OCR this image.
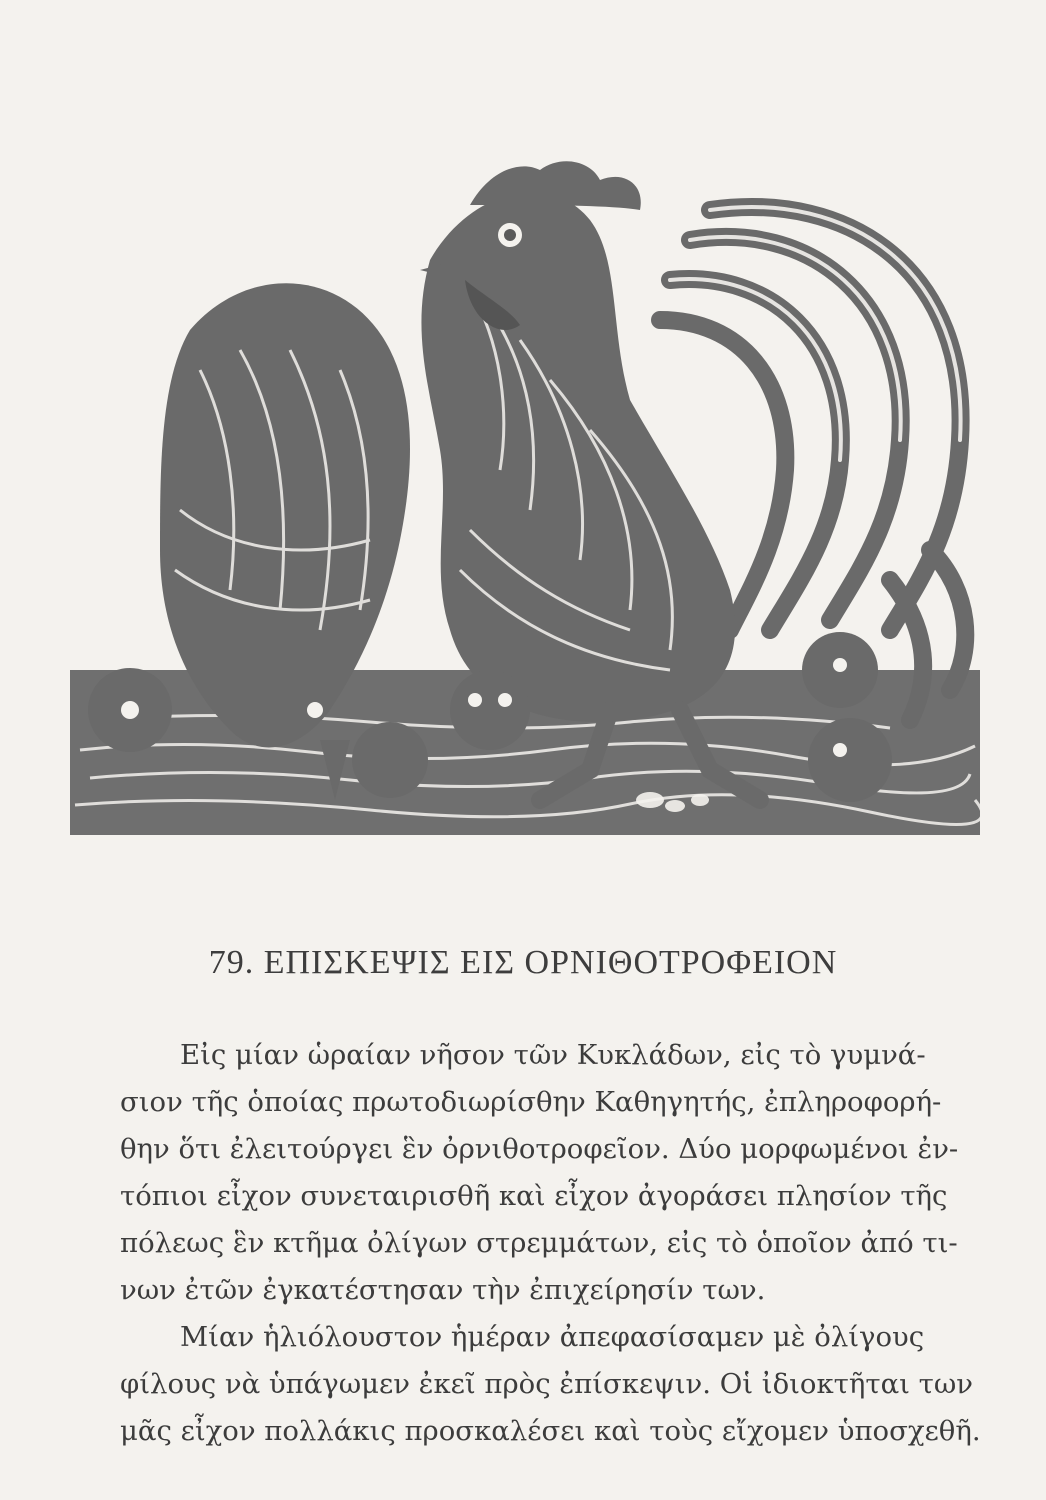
79. ΕΠΙΣΚΕΨΙΣ ΕΙΣ ΟΡΝΙΘΟΤΡΟΦΕΙΟΝ

Εἰς μίαν ὡραίαν νῆσον τῶν Κυκλάδων, εἰς τὸ γυμνά-
σιον τῆς ὁποίας πρωτοδιωρίσθην Καθηγητής, ἐπληροφορή-
θην ὅτι ἐλειτούργει ἓν ὀρνιθοτροφεῖον. Δύο μορφωμένοι ἐν-
τόπιοι εἶχον συνεταιρισθῆ καὶ εἶχον ἀγοράσει πλησίον τῆς
πόλεως ἓν κτῆμα ὀλίγων στρεμμάτων, εἰς τὸ ὁποῖον ἀπό τι-
νων ἐτῶν ἐγκατέστησαν τὴν ἐπιχείρησίν των.

Μίαν ἡλιόλουστον ἡμέραν ἀπεφασίσαμεν μὲ ὀλίγους
φίλους νὰ ὑπάγωμεν ἐκεῖ πρὸς ἐπίσκεψιν. Οἱ ἰδιοκτῆται των
μᾶς εἶχον πολλάκις προσκαλέσει καὶ τοὺς εἴχομεν ὑποσχεθῆ.
